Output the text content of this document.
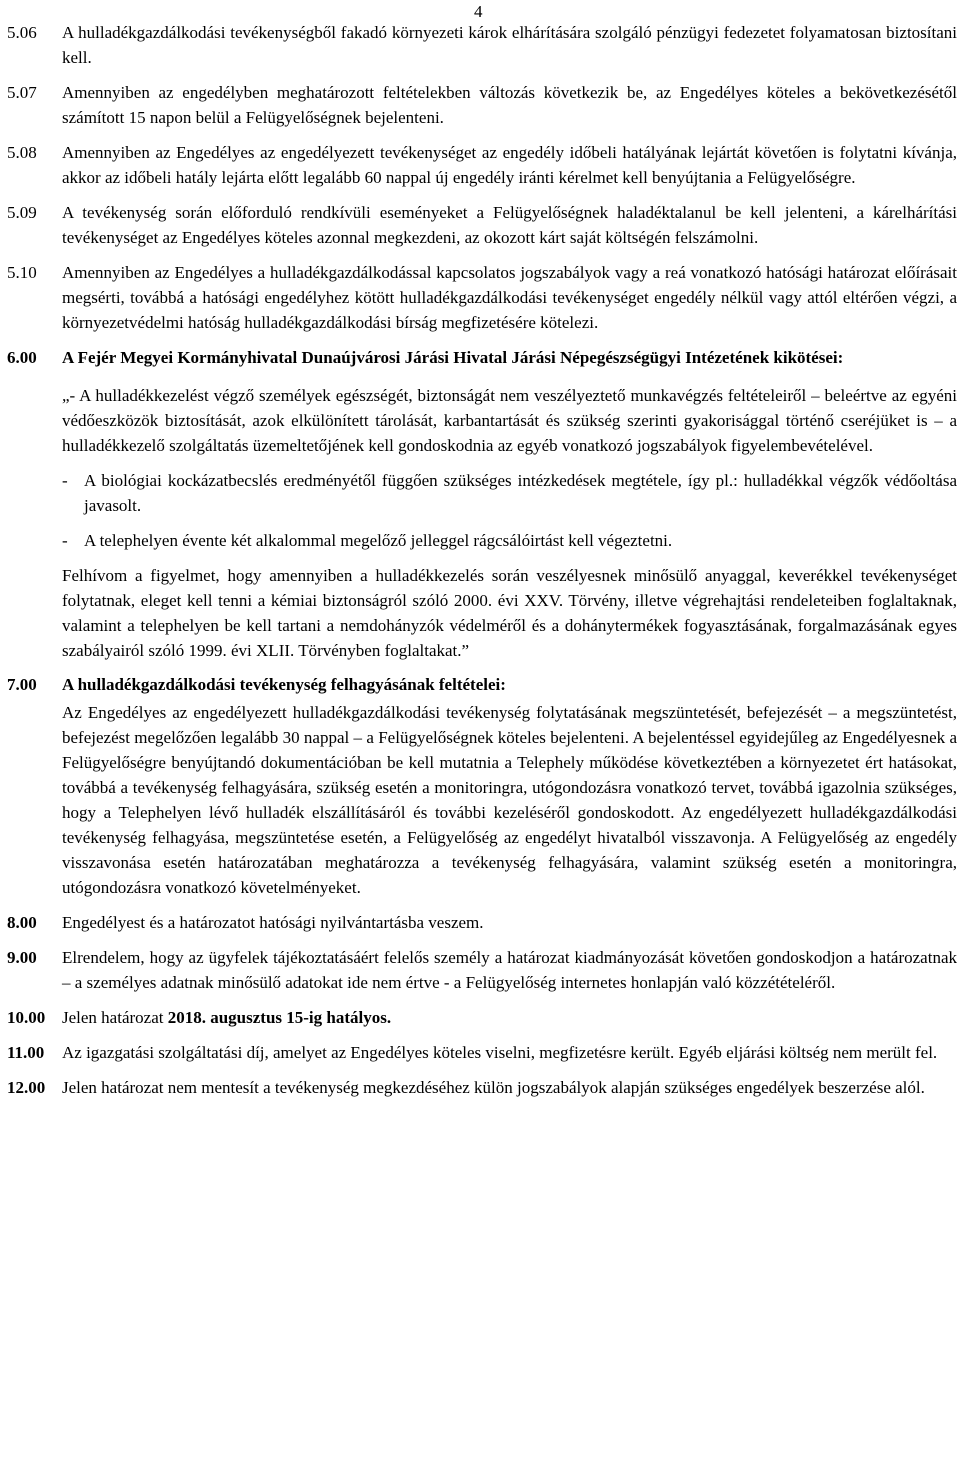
4
5.06	A hulladékgazdálkodási tevékenységből fakadó környezeti károk elhárítására szolgáló pénzügyi fedezetet folyamatosan biztosítani kell.
5.07	Amennyiben az engedélyben meghatározott feltételekben változás következik be, az Engedélyes köteles a bekövetkezésétől számított 15 napon belül a Felügyelőségnek bejelenteni.
5.08	Amennyiben az Engedélyes az engedélyezett tevékenységet az engedély időbeli hatályának lejártát követően is folytatni kívánja, akkor az időbeli hatály lejárta előtt legalább 60 nappal új engedély iránti kérelmet kell benyújtania a Felügyelőségre.
5.09	A tevékenység során előforduló rendkívüli eseményeket a Felügyelőségnek haladéktalanul be kell jelenteni, a kárelhárítási tevékenységet az Engedélyes köteles azonnal megkezdeni, az okozott kárt saját költségén felszámolni.
5.10	Amennyiben az Engedélyes a hulladékgazdálkodással kapcsolatos jogszabályok vagy a reá vonatkozó hatósági határozat előírásait megsérti, továbbá a hatósági engedélyhez kötött hulladékgazdálkodási tevékenységet engedély nélkül vagy attól eltérően végzi, a környezetvédelmi hatóság hulladékgazdálkodási bírság megfizetésére kötelezi.
6.00	A Fejér Megyei Kormányhivatal Dunaújvárosi Járási Hivatal Járási Népegészségügyi Intézetének kikötései:
„- A hulladékkezelést végző személyek egészségét, biztonságát nem veszélyeztető munkavégzés feltételeiről – beleértve az egyéni védőeszközök biztosítását, azok elkülönített tárolását, karbantartását és szükség szerinti gyakorisággal történő cseréjüket is – a hulladékkezelő szolgáltatás üzemeltetőjének kell gondoskodnia az egyéb vonatkozó jogszabályok figyelembevételével.
- A biológiai kockázatbecslés eredményétől függően szükséges intézkedések megtétele, így pl.: hulladékkal végzők védőoltása javasolt.
- A telephelyen évente két alkalommal megelőző jelleggel rágcsálóirtást kell végeztetni.
Felhívom a figyelmet, hogy amennyiben a hulladékkezelés során veszélyesnek minősülő anyaggal, keverékkel tevékenységet folytatnak, eleget kell tenni a kémiai biztonságról szóló 2000. évi XXV. Törvény, illetve végrehajtási rendeleteiben foglaltaknak, valamint a telephelyen be kell tartani a nemdohányzók védelméről és a dohánytermékek fogyasztásának, forgalmazásának egyes szabályairól szóló 1999. évi XLII. Törvényben foglaltakat.”
7.00	A hulladékgazdálkodási tevékenység felhagyásának feltételei:
Az Engedélyes az engedélyezett hulladékgazdálkodási tevékenység folytatásának megszüntetését, befejezését – a megszüntetést, befejezést megelőzően legalább 30 nappal – a Felügyelőségnek köteles bejelenteni. A bejelentéssel egyidejűleg az Engedélyesnek a Felügyelőségre benyújtandó dokumentációban be kell mutatnia a Telephely működése következtében a környezetet ért hatásokat, továbbá a tevékenység felhagyására, szükség esetén a monitoringra, utógondozásra vonatkozó tervet, továbbá igazolnia szükséges, hogy a Telephelyen lévő hulladék elszállításáról és további kezeléséről gondoskodott. Az engedélyezett hulladékgazdálkodási tevékenység felhagyása, megszüntetése esetén, a Felügyelőség az engedélyt hivatalból visszavonja. A Felügyelőség az engedély visszavonása esetén határozatában meghatározza a tevékenység felhagyására, valamint szükség esetén a monitoringra, utógondozásra vonatkozó követelményeket.
8.00	Engedélyest és a határozatot hatósági nyilvántartásba veszem.
9.00	Elrendelem, hogy az ügyfelek tájékoztatásáért felelős személy a határozat kiadmányozását követően gondoskodjon a határozatnak – a személyes adatnak minősülő adatokat ide nem értve - a Felügyelőség internetes honlapján való közzétételéről.
10.00 Jelen határozat 2018. augusztus 15-ig hatályos.
11.00	Az igazgatási szolgáltatási díj, amelyet az Engedélyes köteles viselni, megfizetésre került. Egyéb eljárási költség nem merült fel.
12.00 Jelen határozat nem mentesít a tevékenység megkezdéséhez külön jogszabályok alapján szükséges engedélyek beszerzése alól.
